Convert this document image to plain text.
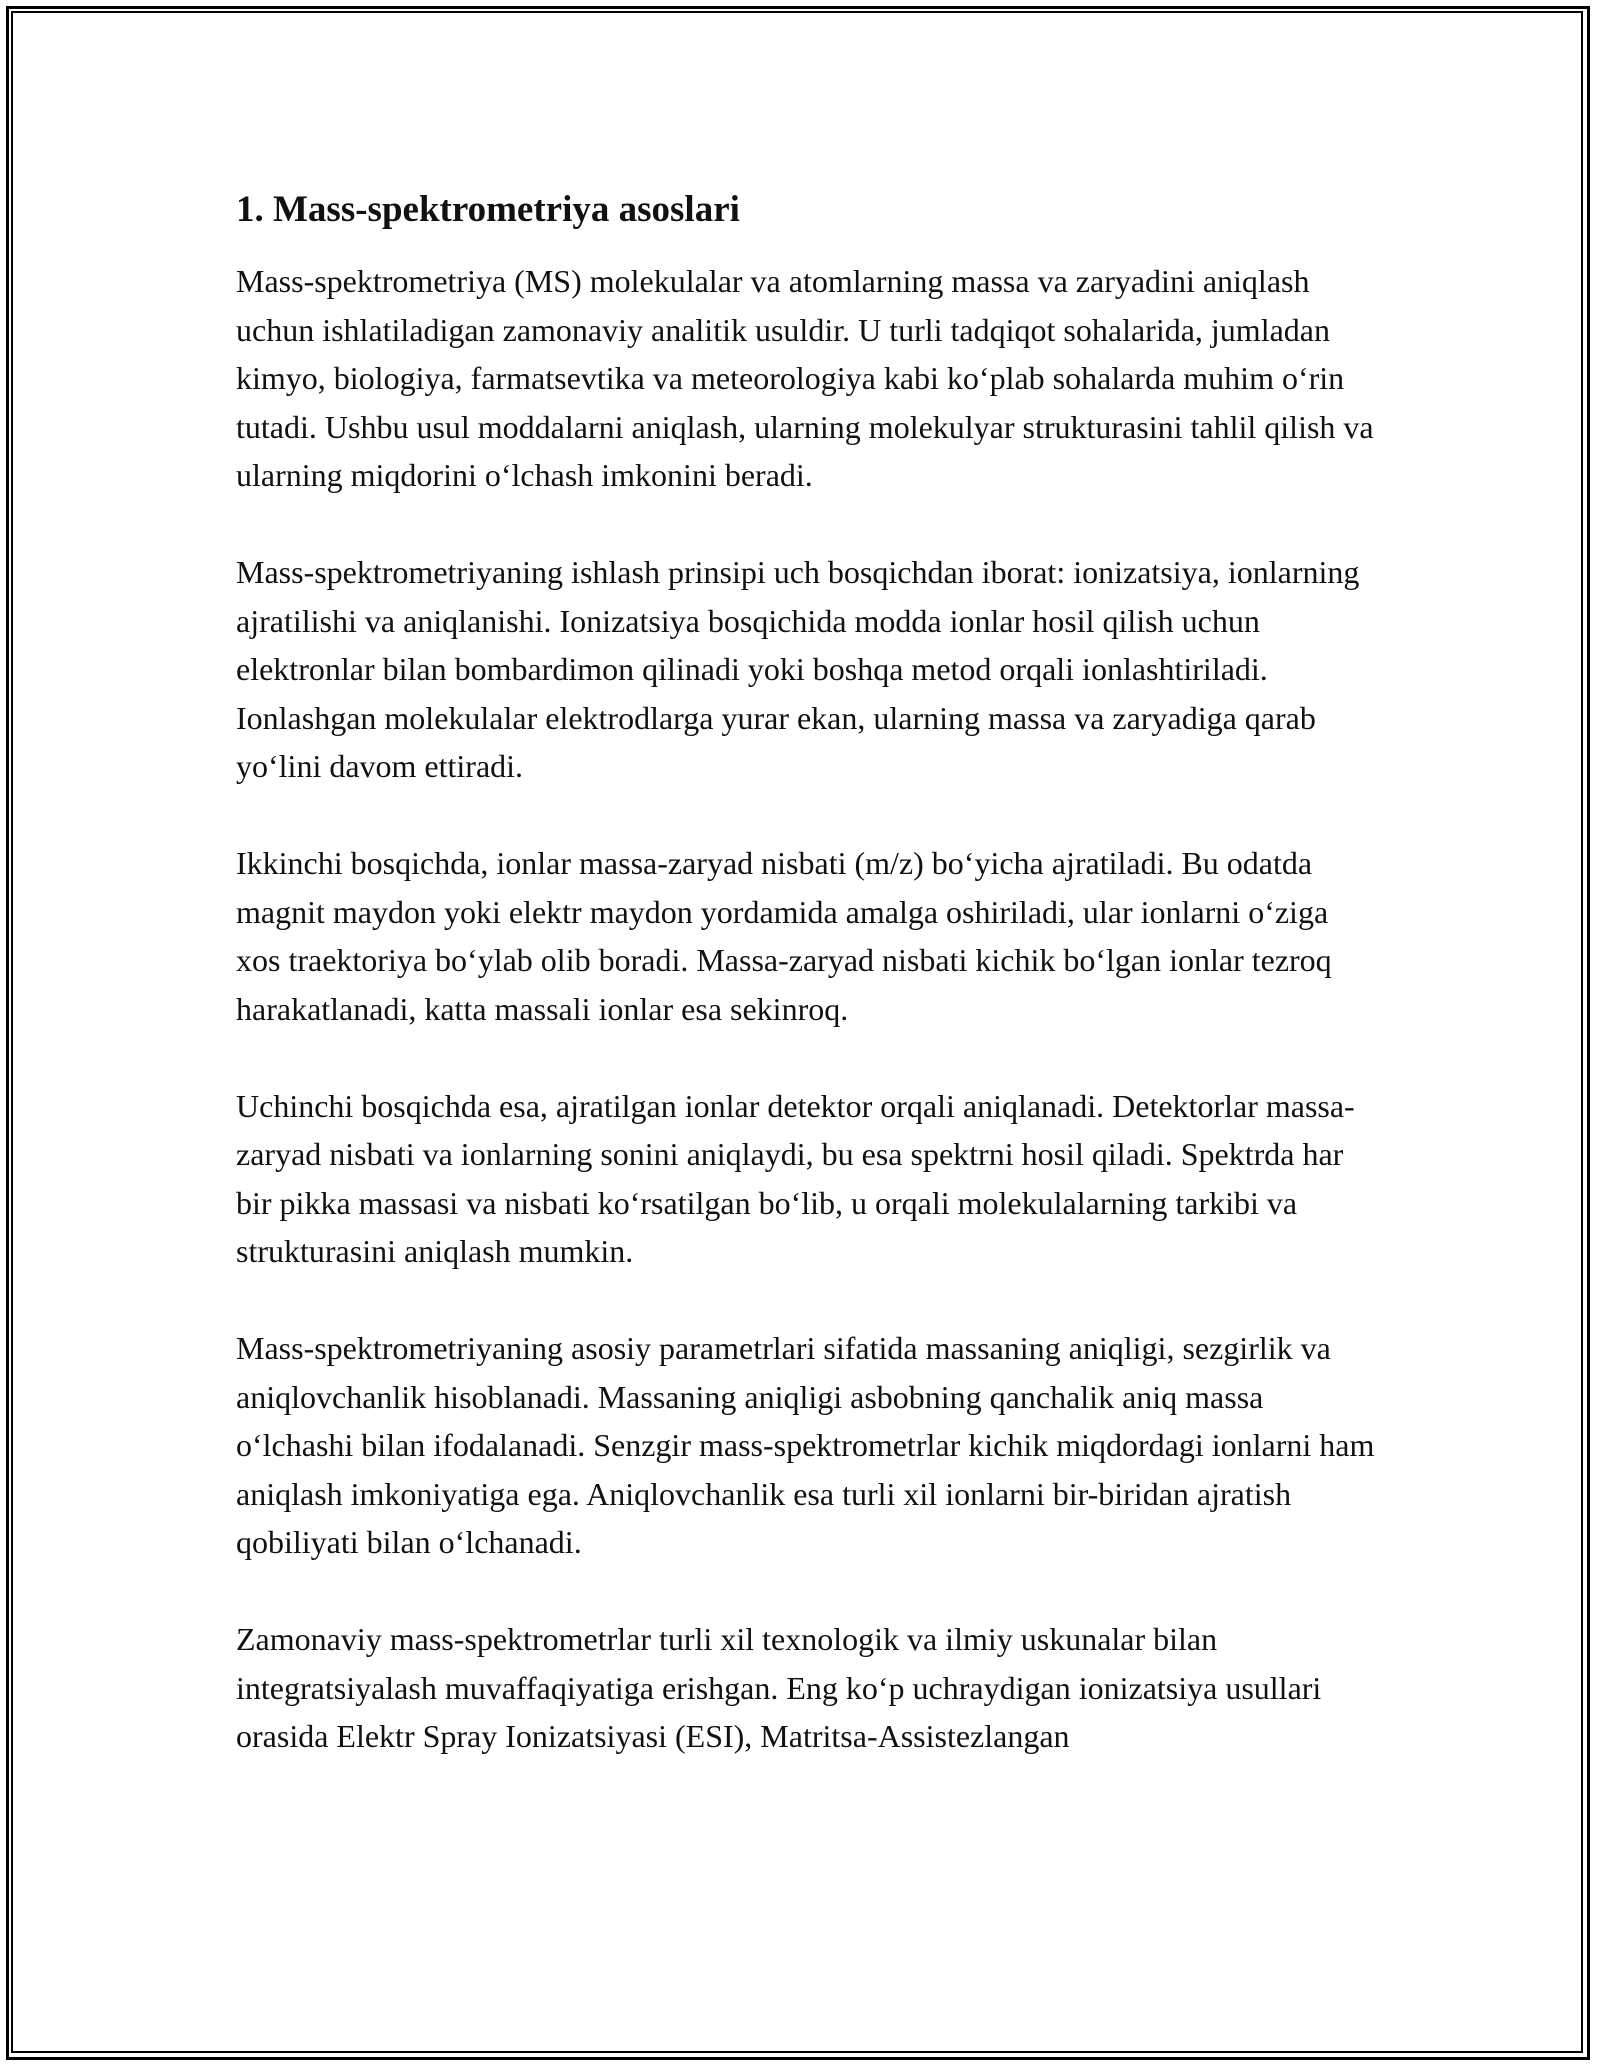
1. Mass-spektrometriya asoslari

Mass-spektrometriya (MS) molekulalar va atomlarning massa va zaryadini aniqlash uchun ishlatiladigan zamonaviy analitik usuldir. U turli tadqiqot sohalarida, jumladan kimyo, biologiya, farmatsevtika va meteorologiya kabi ko‘plab sohalarda muhim o‘rin tutadi. Ushbu usul moddalarni aniqlash, ularning molekulyar strukturasini tahlil qilish va ularning miqdorini o‘lchash imkonini beradi.

Mass-spektrometriyaning ishlash prinsipi uch bosqichdan iborat: ionizatsiya, ionlarning ajratilishi va aniqlanishi. Ionizatsiya bosqichida modda ionlar hosil qilish uchun elektronlar bilan bombardimon qilinadi yoki boshqa metod orqali ionlashtiriladi. Ionlashgan molekulalar elektrodlarga yurar ekan, ularning massa va zaryadiga qarab yo‘lini davom ettiradi.

Ikkinchi bosqichda, ionlar massa-zaryad nisbati (m/z) bo‘yicha ajratiladi. Bu odatda magnit maydon yoki elektr maydon yordamida amalga oshiriladi, ular ionlarni o‘ziga xos traektoriya bo‘ylab olib boradi. Massa-zaryad nisbati kichik bo‘lgan ionlar tezroq harakatlanadi, katta massali ionlar esa sekinroq.

Uchinchi bosqichda esa, ajratilgan ionlar detektor orqali aniqlanadi. Detektorlar massa-zaryad nisbati va ionlarning sonini aniqlaydi, bu esa spektrni hosil qiladi. Spektrda har bir pikka massasi va nisbati ko‘rsatilgan bo‘lib, u orqali molekulalarning tarkibi va strukturasini aniqlash mumkin.

Mass-spektrometriyaning asosiy parametrlari sifatida massaning aniqligi, sezgirlik va aniqlovchanlik hisoblanadi. Massaning aniqligi asbobning qanchalik aniq massa o‘lchashi bilan ifodalanadi. Senzgir mass-spektrometrlar kichik miqdordagi ionlarni ham aniqlash imkoniyatiga ega. Aniqlovchanlik esa turli xil ionlarni bir-biridan ajratish qobiliyati bilan o‘lchanadi.

Zamonaviy mass-spektrometrlar turli xil texnologik va ilmiy uskunalar bilan integratsiyalash muvaffaqiyatiga erishgan. Eng ko‘p uchraydigan ionizatsiya usullari orasida Elektr Spray Ionizatsiyasi (ESI), Matritsa-Assistezlangan
